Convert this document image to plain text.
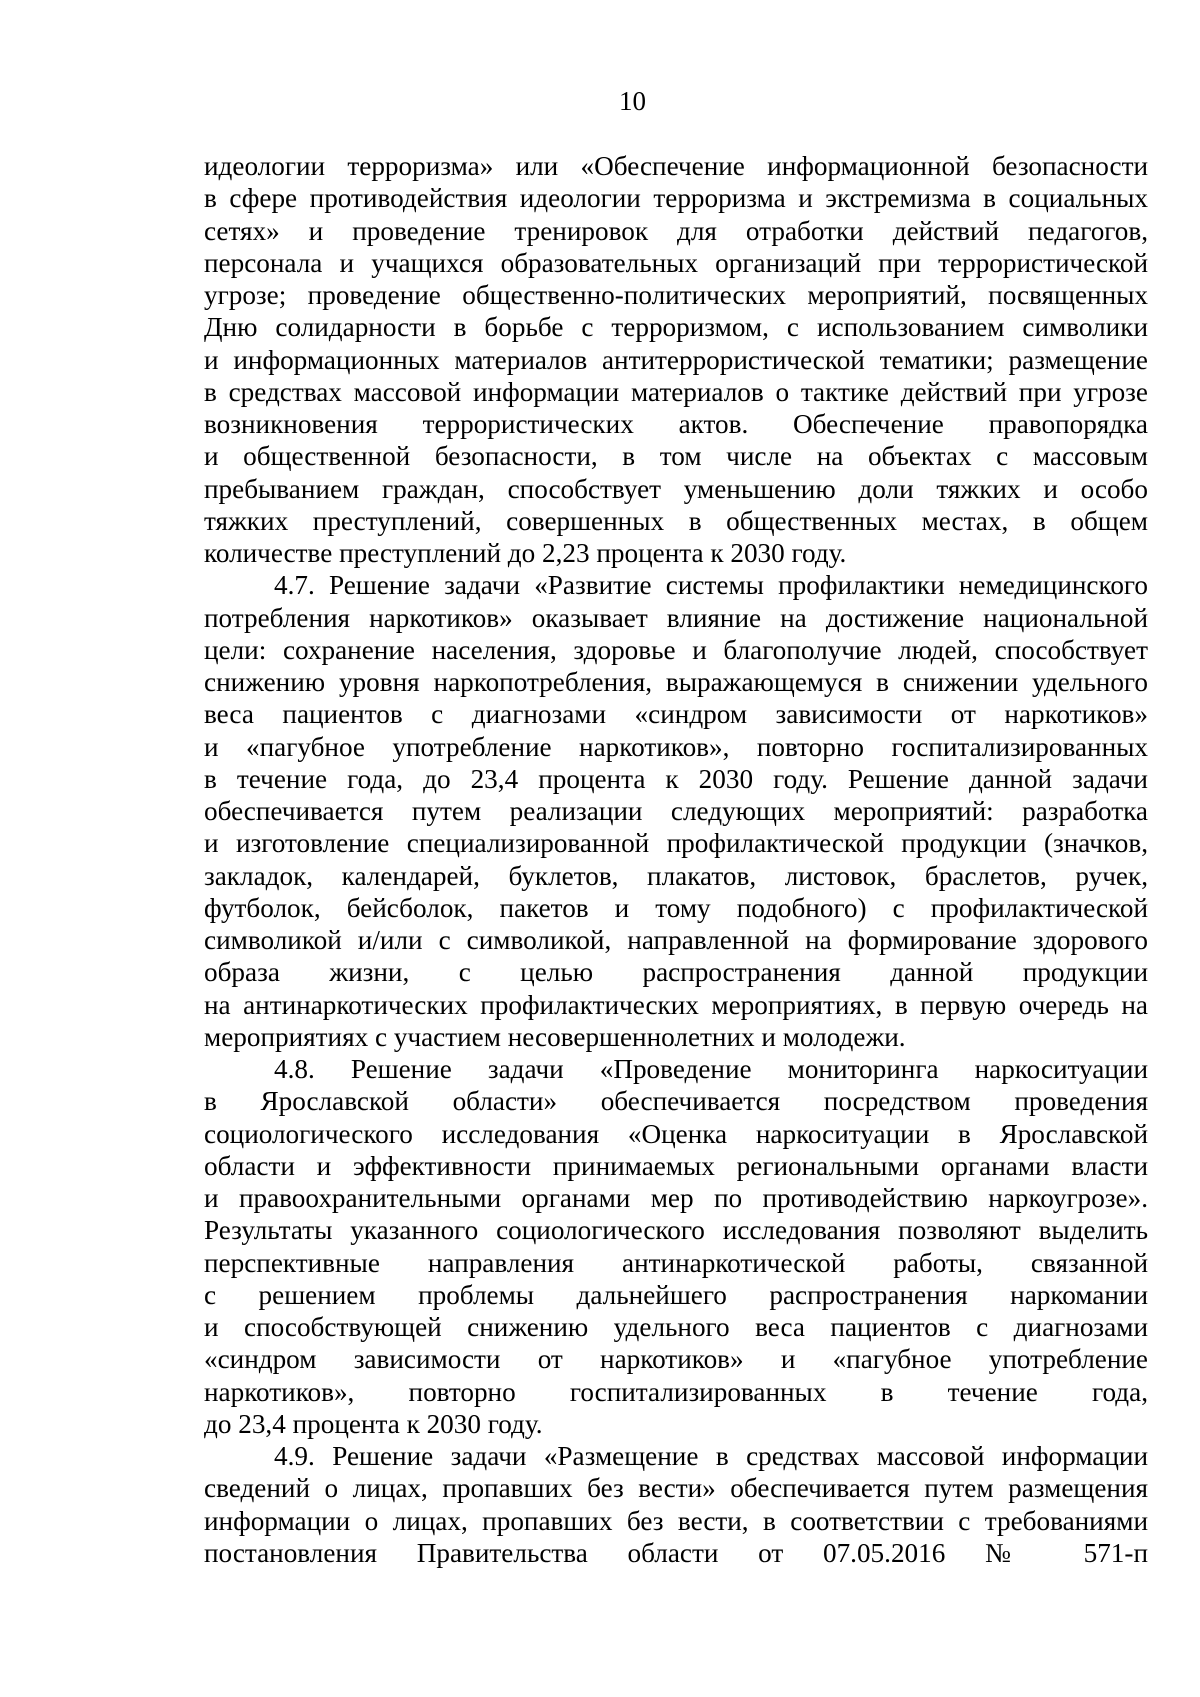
10

идеологии терроризма» или «Обеспечение информационной безопасности
в сфере противодействия идеологии терроризма и экстремизма в социальных
сетях» и проведение тренировок для отработки действий педагогов,
персонала и учащихся образовательных организаций при террористической
угрозе; проведение общественно-политических мероприятий, посвященных
Дню солидарности в борьбе с терроризмом, с использованием символики
и информационных материалов антитеррористической тематики; размещение
в средствах массовой информации материалов о тактике действий при угрозе
возникновения террористических актов. Обеспечение правопорядка
и общественной безопасности, в том числе на объектах с массовым
пребыванием граждан, способствует уменьшению доли тяжких и особо
тяжких преступлений, совершенных в общественных местах, в общем
количестве преступлений до 2,23 процента к 2030 году.

4.7. Решение задачи «Развитие системы профилактики немедицинского
потребления наркотиков» оказывает влияние на достижение национальной
цели: сохранение населения, здоровье и благополучие людей, способствует
снижению уровня наркопотребления, выражающемуся в снижении удельного
веса пациентов с диагнозами «синдром зависимости от наркотиков»
и «пагубное употребление наркотиков», повторно госпитализированных
в течение года, до 23,4 процента к 2030 году. Решение данной задачи
обеспечивается путем реализации следующих мероприятий: разработка
и изготовление специализированной профилактической продукции (значков,
закладок, календарей, буклетов, плакатов, листовок, браслетов, ручек,
футболок, бейсболок, пакетов и тому подобного) с профилактической
символикой и/или с символикой, направленной на формирование здорового
образа жизни, с целью распространения данной продукции
на антинаркотических профилактических мероприятиях, в первую очередь на
мероприятиях с участием несовершеннолетних и молодежи.

4.8. Решение задачи «Проведение мониторинга наркоситуации
в Ярославской области» обеспечивается посредством проведения
социологического исследования «Оценка наркоситуации в Ярославской
области и эффективности принимаемых региональными органами власти
и правоохранительными органами мер по противодействию наркоугрозе».
Результаты указанного социологического исследования позволяют выделить
перспективные направления антинаркотической работы, связанной
с решением проблемы дальнейшего распространения наркомании
и способствующей снижению удельного веса пациентов с диагнозами
«синдром зависимости от наркотиков» и «пагубное употребление
наркотиков», повторно госпитализированных в течение года,
до 23,4 процента к 2030 году.

4.9. Решение задачи «Размещение в средствах массовой информации
сведений о лицах, пропавших без вести» обеспечивается путем размещения
информации о лицах, пропавших без вести, в соответствии с требованиями
постановления Правительства области от 07.05.2016 № 571-п
